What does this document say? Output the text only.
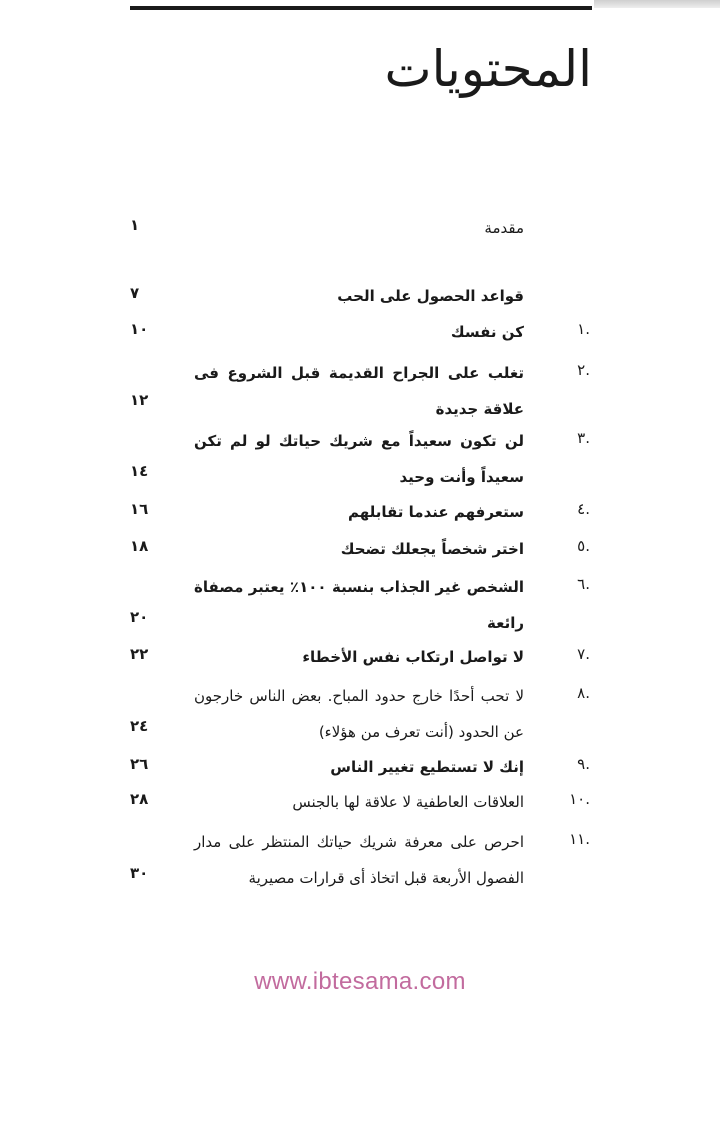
المحتويات
مقدمة
١
قواعد الحصول على الحب
٧
.١
كن نفسك
١٠
.٢
تغلب على الجراح القديمة قبل الشروع فى علاقة جديدة
١٢
.٣
لن تكون سعيداً مع شريك حياتك لو لم تكن سعيداً وأنت وحيد
١٤
.٤
ستعرفهم عندما تقابلهم
١٦
.٥
اختر شخصاً يجعلك تضحك
١٨
.٦
الشخص غير الجذاب بنسبة ١٠٠٪ يعتبر مصفاة رائعة
٢٠
.٧
لا تواصل ارتكاب نفس الأخطاء
٢٢
.٨
لا تحب أحدًا خارج حدود المباح. بعض الناس خارجون عن الحدود (أنت تعرف من هؤلاء)
٢٤
.٩
إنك لا تستطيع تغيير الناس
٢٦
.١٠
العلاقات العاطفية لا علاقة لها بالجنس
٢٨
.١١
احرص على معرفة شريك حياتك المنتظر على مدار الفصول الأربعة قبل اتخاذ أى قرارات مصيرية
٣٠
www.ibtesama.com
